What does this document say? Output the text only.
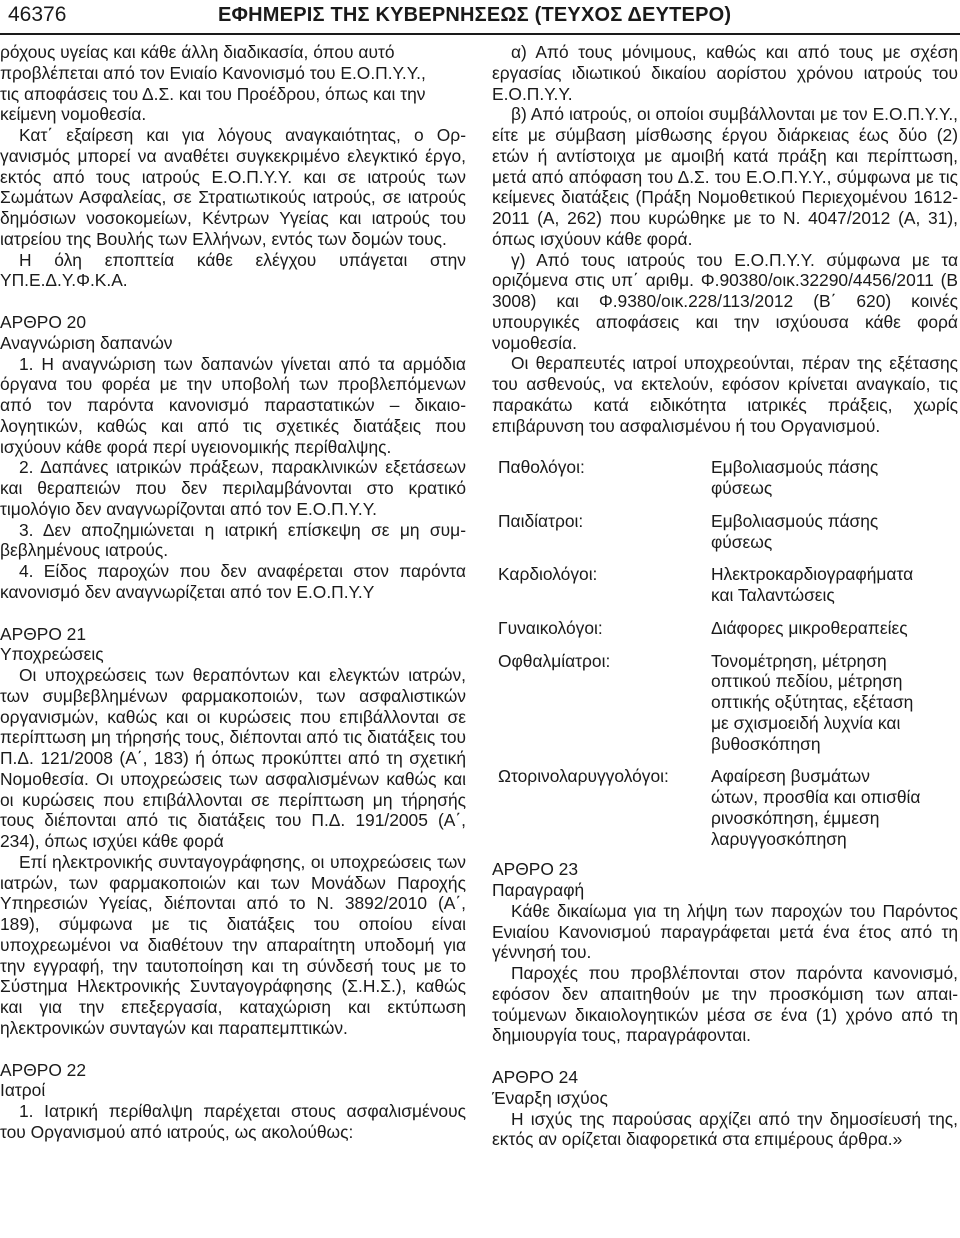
46376	ΕΦΗΜΕΡΙΣ ΤΗΣ ΚΥΒΕΡΝΗΣΕΩΣ (ΤΕΥΧΟΣ ΔΕΥΤΕΡΟ)

ρόχους υγείας και κάθε άλλη διαδικασία, όπου αυτό

προβλέπεται από τον Ενιαίο Κανονισμό του Ε.Ο.Π.Υ.Υ.,

τις αποφάσεις του Δ.Σ. και του Προέδρου, όπως και την

κείμενη νομοθεσία.

Κατ΄ εξαίρεση και για λόγους αναγκαιότητας, ο Οργανισμός μπορεί να αναθέτει συγκεκριμένο ελεγκτικό έργο, εκτός από τους ιατρούς Ε.Ο.Π.Υ.Υ. και σε ιατρούς των Σωμάτων Ασφαλείας, σε Στρατιωτικούς ιατρούς, σε ιατρούς δημόσιων νοσοκομείων, Κέντρων Υγείας και ιατρούς του ιατρείου της Βουλής των Ελλήνων, εντός των δομών τους.

Η όλη εποπτεία κάθε ελέγχου υπάγεται στην ΥΠ.Ε.Δ.Υ.Φ.Κ.Α.

ΑΡΘΡΟ 20

Αναγνώριση δαπανών

1. Η αναγνώριση των δαπανών γίνεται από τα αρμόδια όργανα του φορέα με την υποβολή των προβλεπόμενων από τον παρόντα κανονισμό παραστατικών – δικαιολογητικών, καθώς και από τις σχετικές διατάξεις που ισχύουν κάθε φορά περί υγειονομικής περίθαλψης.

2. Δαπάνες ιατρικών πράξεων, παρακλινικών εξετάσεων και θεραπειών που δεν περιλαμβάνονται στο κρατικό τιμολόγιο δεν αναγνωρίζονται από τον Ε.Ο.Π.Υ.Υ.

3. Δεν αποζημιώνεται η ιατρική επίσκεψη σε μη συμβεβλημένους ιατρούς.

4. Είδος παροχών που δεν αναφέρεται στον παρόντα κανονισμό δεν αναγνωρίζεται από τον Ε.Ο.Π.Υ.Υ

ΑΡΘΡΟ 21

Υποχρεώσεις

Οι υποχρεώσεις των θεραπόντων και ελεγκτών ιατρών, των συμβεβλημένων φαρμακοποιών, των ασφαλιστικών οργανισμών, καθώς και οι κυρώσεις που επιβάλλονται σε περίπτωση μη τήρησής τους, διέπονται από τις διατάξεις του Π.Δ. 121/2008 (Α΄, 183) ή όπως προκύπτει από τη σχετική Νομοθεσία. Οι υποχρεώσεις των ασφαλισμένων καθώς και οι κυρώσεις που επιβάλλονται σε περίπτωση μη τήρησής τους διέπονται από τις διατάξεις του Π.Δ. 191/2005 (Α΄, 234), όπως ισχύει κάθε φορά

Επί ηλεκτρονικής συνταγογράφησης, οι υποχρεώσεις των ιατρών, των φαρμακοποιών και των Μονάδων Παροχής Υπηρεσιών Υγείας, διέπονται από το Ν. 3892/2010 (Α΄, 189), σύμφωνα με τις διατάξεις του οποίου είναι υποχρεωμένοι να διαθέτουν την απαραίτητη υποδομή για την εγγραφή, την ταυτοποίηση και τη σύνδεσή τους με το Σύστημα Ηλεκτρονικής Συνταγογράφησης (Σ.Η.Σ.), καθώς και για την επεξεργασία, καταχώριση και εκτύπωση ηλεκτρονικών συνταγών και παραπεμπτικών.

ΑΡΘΡΟ 22

Ιατροί

1. Ιατρική περίθαλψη παρέχεται στους ασφαλισμένους του Οργανισμού από ιατρούς, ως ακολούθως:

α) Από τους μόνιμους, καθώς και από τους με σχέση εργασίας ιδιωτικού δικαίου αορίστου χρόνου ιατρούς του Ε.Ο.Π.Υ.Υ.

β) Από ιατρούς, οι οποίοι συμβάλλονται με τον Ε.Ο.Π.Υ.Υ., είτε με σύμβαση μίσθωσης έργου διάρκειας έως δύο (2) ετών ή αντίστοιχα με αμοιβή κατά πράξη και περίπτωση, μετά από απόφαση του Δ.Σ. του Ε.Ο.Π.Υ.Υ., σύμφωνα με τις κείμενες διατάξεις (Πράξη Νομοθετικού Περιεχομένου 16122011 (Α, 262) που κυρώθηκε με το Ν. 4047/2012 (Α, 31), όπως ισχύουν κάθε φορά.

γ) Από τους ιατρούς του Ε.Ο.Π.Υ.Υ. σύμφωνα με τα οριζόμενα στις υπ΄ αριθμ. Φ.90380/οικ.32290/4456/2011 (Β 3008) και Φ.9380/οικ.228/113/2012 (Β΄ 620) κοινές υπουργικές αποφάσεις και την ισχύουσα κάθε φορά νομοθεσία.

Οι θεραπευτές ιατροί υποχρεούνται, πέραν της εξέτασης του ασθενούς, να εκτελούν, εφόσον κρίνεται αναγκαίο, τις παρακάτω κατά ειδικότητα ιατρικές πράξεις, χωρίς επιβάρυνση του ασφαλισμένου ή του Οργανισμού.

Παθολόγοι:	Εμβολιασμούς πάσης
φύσεως

Παιδίατροι:	Εμβολιασμούς πάσης
φύσεως

Καρδιολόγοι:	Ηλεκτροκαρδιογραφήματα
και Ταλαντώσεις

Γυναικολόγοι:	Διάφορες μικροθεραπείες

Οφθαλμίατροι:	Τονομέτρηση, μέτρηση
οπτικού πεδίου, μέτρηση
οπτικής οξύτητας, εξέταση
με σχισμοειδή λυχνία και
βυθοσκόπηση

Ωτορινολαρυγγολόγοι:	Αφαίρεση βυσμάτων
ώτων, προσθία και οπισθία
ρινοσκόπηση, έμμεση
λαρυγγοσκόπηση

ΑΡΘΡΟ 23

Παραγραφή

Κάθε δικαίωμα για τη λήψη των παροχών του Παρόντος Ενιαίου Κανονισμού παραγράφεται μετά ένα έτος από τη γέννησή του.

Παροχές που προβλέπονται στον παρόντα κανονισμό, εφόσον δεν απαιτηθούν με την προσκόμιση των απαιτούμενων δικαιολογητικών μέσα σε ένα (1) χρόνο από τη δημιουργία τους, παραγράφονται.

ΑΡΘΡΟ 24

Έναρξη ισχύος

Η ισχύς της παρούσας αρχίζει από την δημοσίευσή της, εκτός αν ορίζεται διαφορετικά στα επιμέρους άρθρα.»
